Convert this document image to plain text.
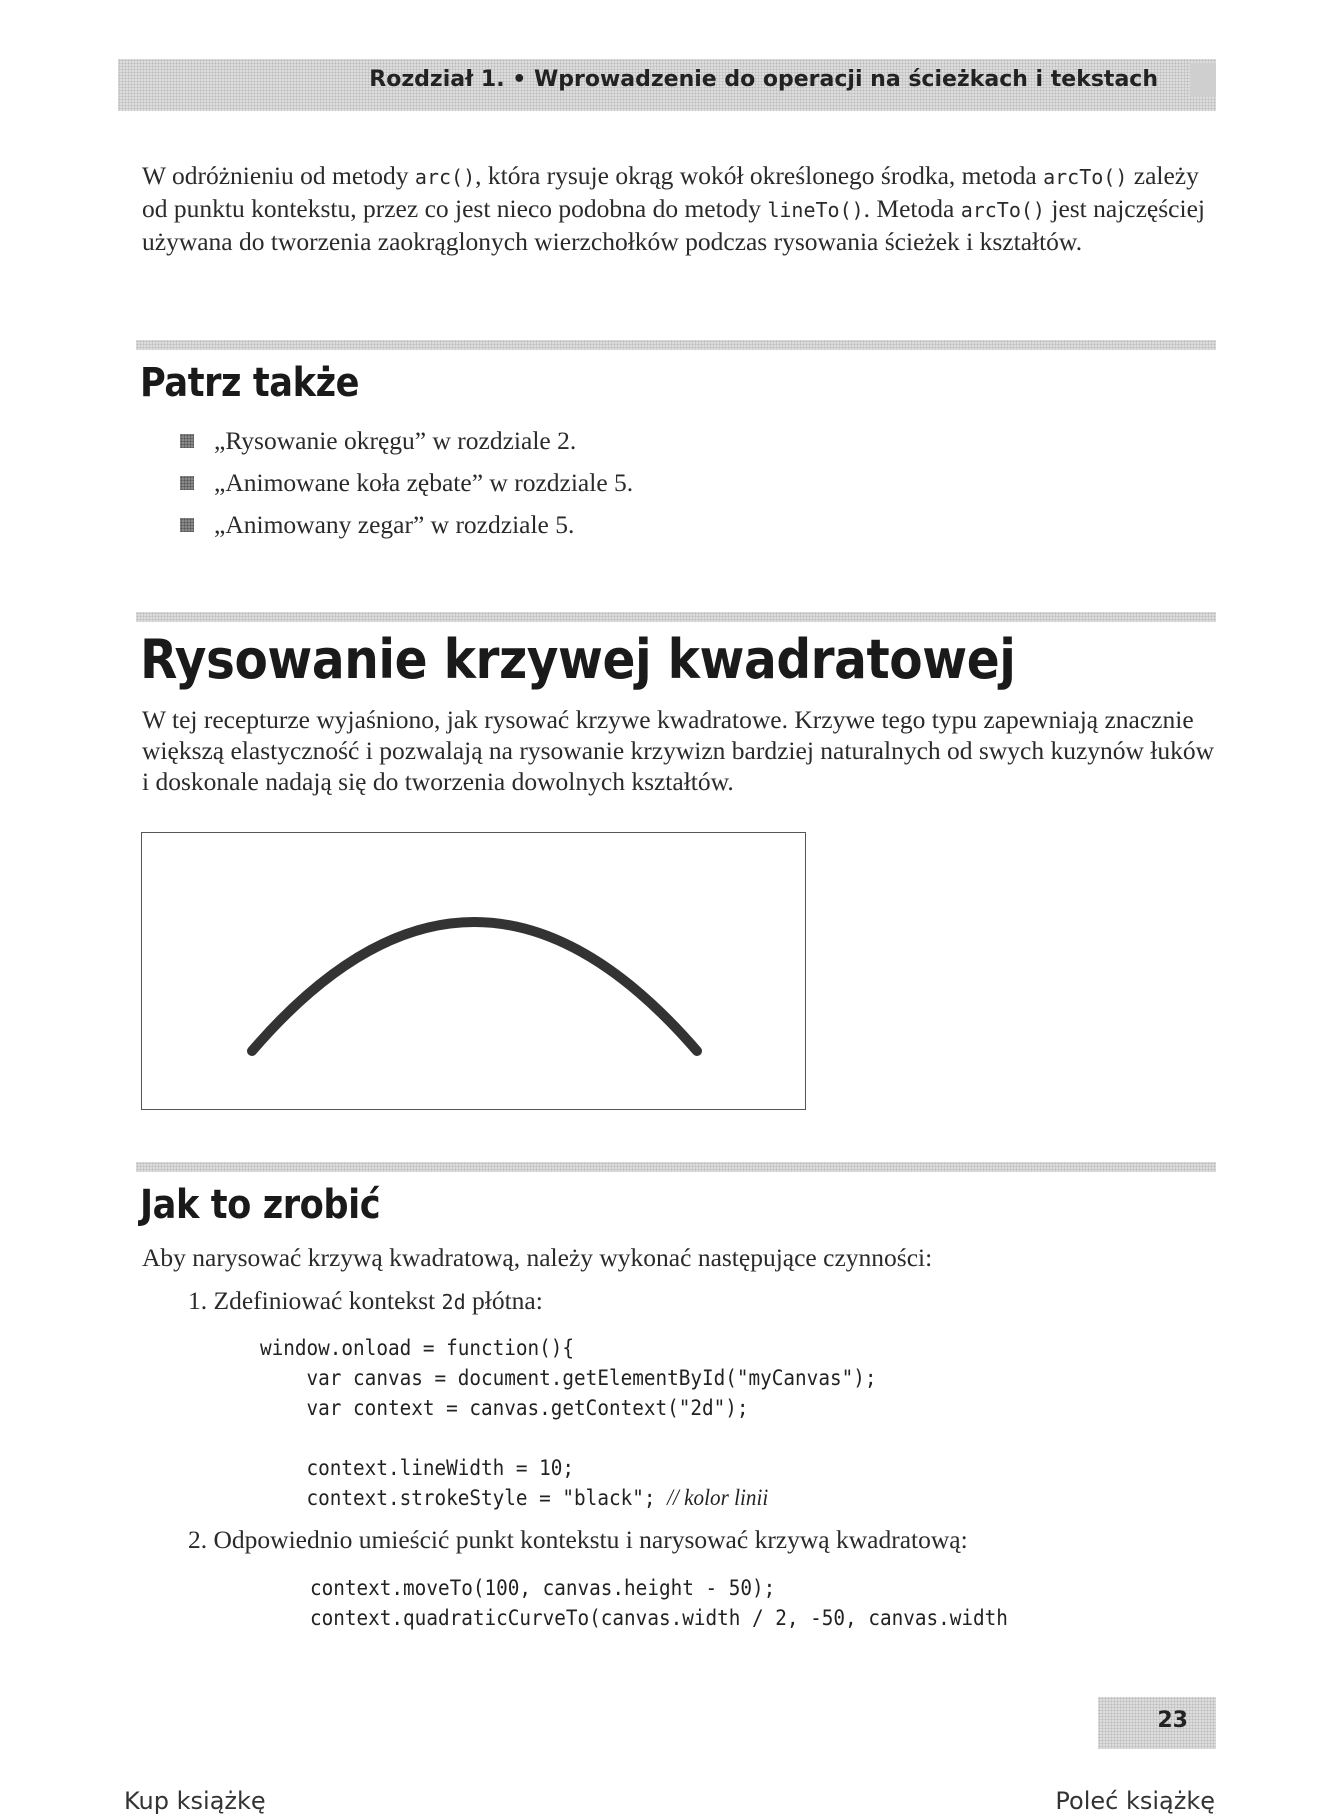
Rozdział 1. • Wprowadzenie do operacji na ścieżkach i tekstach

W odróżnieniu od metody arc(), która rysuje okrąg wokół określonego środka, metoda arcTo() zależy od punktu kontekstu, przez co jest nieco podobna do metody lineTo(). Metoda arcTo() jest najczęściej używana do tworzenia zaokrąglonych wierzchołków podczas rysowania ścieżek i kształtów.

Patrz także
„Rysowanie okręgu” w rozdziale 2.
„Animowane koła zębate” w rozdziale 5.
„Animowany zegar” w rozdziale 5.
Rysowanie krzywej kwadratowej

W tej recepturze wyjaśniono, jak rysować krzywe kwadratowe. Krzywe tego typu zapewniają znacznie większą elastyczność i pozwalają na rysowanie krzywizn bardziej naturalnych od swych kuzynów łuków i doskonale nadają się do tworzenia dowolnych kształtów.

Jak to zrobić

Aby narysować krzywą kwadratową, należy wykonać następujące czynności:

1. Zdefiniować kontekst 2d płótna:
window.onload = function(){
var canvas = document.getElementById("myCanvas");
var context = canvas.getContext("2d");

context.lineWidth = 10;
context.strokeStyle = "black"; // kolor linii
2. Odpowiednio umieścić punkt kontekstu i narysować krzywą kwadratową:
context.moveTo(100, canvas.height - 50);
context.quadraticCurveTo(canvas.width / 2, -50, canvas.width
23
Kup książkę	Poleć książkę
